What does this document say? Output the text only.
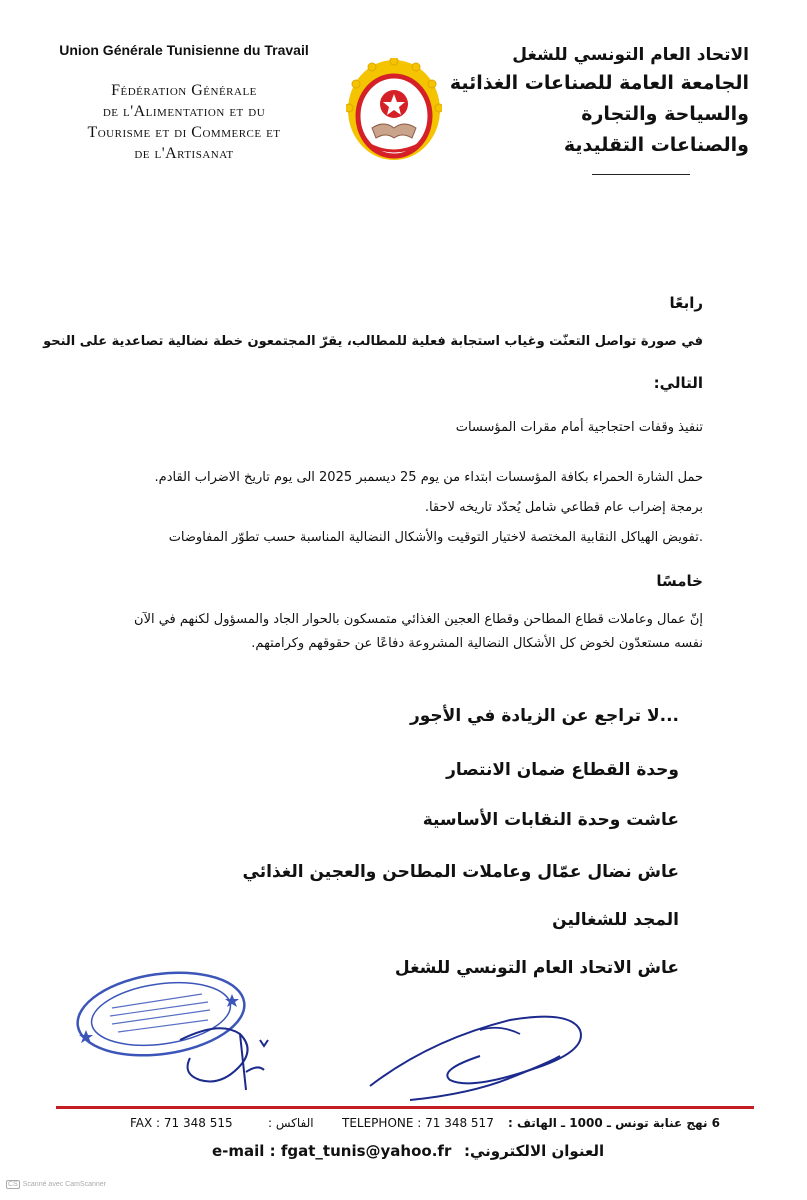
Union Générale Tunisienne du Travail
Fédération Générale
de l'Alimentation et du
Tourisme et di Commerce et
de l'Artisanat
الاتحاد العام التونسي للشغل
الجامعة العامة للصناعات الغذائية
والسياحة والتجارة
والصناعات التقليدية
رابعًا
في صورة تواصل التعنّت وغياب استجابة فعلية للمطالب، يقرّ المجتمعون خطة نضالية تصاعدية على النحو
التالي:
تنفيذ وقفات احتجاجية أمام مقرات المؤسسات
حمل الشارة الحمراء بكافة المؤسسات ابتداء من يوم 25 ديسمبر 2025 الى يوم تاريخ الاضراب القادم.
برمجة إضراب عام قطاعي شامل يُحدّد تاريخه لاحقا.
.تفويض الهياكل النقابية المختصة لاختيار التوقيت والأشكال النضالية المناسبة حسب تطوّر المفاوضات
خامسًا
إنّ عمال وعاملات قطاع المطاحن وقطاع العجين الغذائي متمسكون بالحوار الجاد والمسؤول لكنهم في الآن
نفسه مستعدّون لخوض كل الأشكال النضالية المشروعة دفاعًا عن حقوقهم وكرامتهم.
...لا تراجع عن الزيادة في الأجور
وحدة القطاع ضمان الانتصار
عاشت وحدة النقابات الأساسية
عاش نضال عمّال وعاملات المطاحن والعجين الغذائي
المجد للشغالين
عاش الاتحاد العام التونسي للشغل
FAX : 71 348 515	: الفاكس TELEPHONE : 71 348 517 6 نهج عنابة تونس ـ 1000 ـ الهاتف :
e-mail : fgat_tunis@yahoo.fr :العنوان الالكتروني
CS Scanné avec CamScanner
